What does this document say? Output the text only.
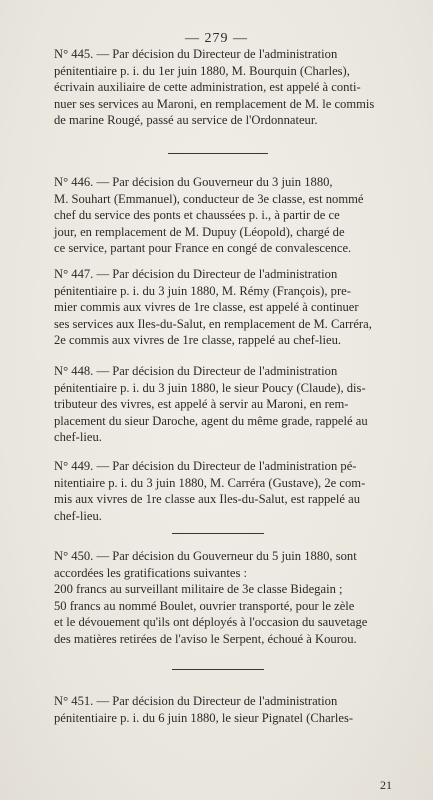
— 279 —
N° 445. — Par décision du Directeur de l'administration
pénitentiaire p. i. du 1er juin 1880, M. Bourquin (Charles),
écrivain auxiliaire de cette administration, est appelé à conti-
nuer ses services au Maroni, en remplacement de M. le commis
de marine Rougé, passé au service de l'Ordonnateur.
N° 446. — Par décision du Gouverneur du 3 juin 1880,
M. Souhart (Emmanuel), conducteur de 3e classe, est nommé
chef du service des ponts et chaussées p. i., à partir de ce
jour, en remplacement de M. Dupuy (Léopold), chargé de
ce service, partant pour France en congé de convalescence.
N° 447. — Par décision du Directeur de l'administration
pénitentiaire p. i. du 3 juin 1880, M. Rémy (François), pre-
mier commis aux vivres de 1re classe, est appelé à continuer
ses services aux Iles-du-Salut, en remplacement de M. Carréra,
2e commis aux vivres de 1re classe, rappelé au chef-lieu.
N° 448. — Par décision du Directeur de l'administration
pénitentiaire p. i. du 3 juin 1880, le sieur Poucy (Claude), dis-
tributeur des vivres, est appelé à servir au Maroni, en rem-
placement du sieur Daroche, agent du même grade, rappelé au
chef-lieu.
N° 449. — Par décision du Directeur de l'administration pé-
nitentiaire p. i. du 3 juin 1880, M. Carréra (Gustave), 2e com-
mis aux vivres de 1re classe aux Iles-du-Salut, est rappelé au
chef-lieu.
N° 450. — Par décision du Gouverneur du 5 juin 1880, sont
accordées les gratifications suivantes :
200 francs au surveillant militaire de 3e classe Bidegain ;
50 francs au nommé Boulet, ouvrier transporté, pour le zèle
et le dévouement qu'ils ont déployés à l'occasion du sauvetage
des matières retirées de l'aviso le Serpent, échoué à Kourou.
N° 451. — Par décision du Directeur de l'administration
pénitentiaire p. i. du 6 juin 1880, le sieur Pignatel (Charles-
21
